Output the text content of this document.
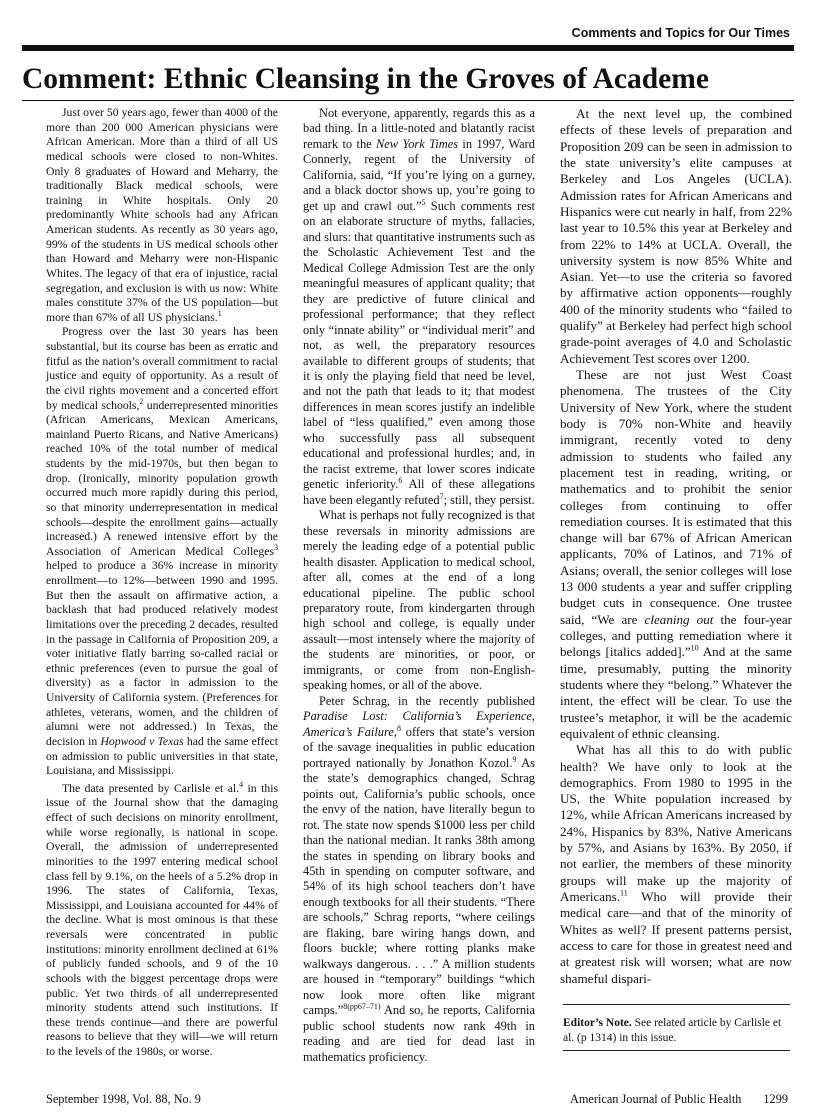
Comments and Topics for Our Times
Comment: Ethnic Cleansing in the Groves of Academe

Just over 50 years ago, fewer than 4000 of the more than 200 000 American physicians were African American. More than a third of all US medical schools were closed to non-Whites. Only 8 graduates of Howard and Meharry, the traditionally Black medical schools, were training in White hospitals. Only 20 predominantly White schools had any African American students. As recently as 30 years ago, 99% of the students in US medical schools other than Howard and Meharry were non-Hispanic Whites. The legacy of that era of injustice, racial segregation, and exclusion is with us now: White males constitute 37% of the US population—but more than 67% of all US physicians.$^1$

Progress over the last 30 years has been substantial, but its course has been as erratic and fitful as the nation’s overall commitment to racial justice and equity of opportunity. As a result of the civil rights movement and a concerted effort by medical schools,$^2$ underrepresented minorities (African Americans, Mexican Americans, mainland Puerto Ricans, and Native Americans) reached 10% of the total number of medical students by the mid-1970s, but then began to drop. (Ironically, minority population growth occurred much more rapidly during this period, so that minority underrepresentation in medical schools—despite the enrollment gains—actually increased.) A renewed intensive effort by the Association of American Medical Colleges$^3$ helped to produce a 36% increase in minority enrollment—to 12%—between 1990 and 1995. But then the assault on affirmative action, a backlash that had produced relatively modest limitations over the preceding 2 decades, resulted in the passage in California of Proposition 209, a voter initiative flatly barring so-called racial or ethnic preferences (even to pursue the goal of diversity) as a factor in admission to the University of California system. (Preferences for athletes, veterans, women, and the children of alumni were not addressed.) In Texas, the decision in Hopwood v Texas had the same effect on admission to public universities in that state, Louisiana, and Mississippi.

The data presented by Carlisle et al.$^4$ in this issue of the Journal show that the damaging effect of such decisions on minority enrollment, while worse regionally, is national in scope. Overall, the admission of underrepresented minorities to the 1997 entering medical school class fell by 9.1%, on the heels of a 5.2% drop in 1996. The states of California, Texas, Mississippi, and Louisiana accounted for 44% of the decline. What is most ominous is that these reversals were concentrated in public institutions: minority enrollment declined at 61% of publicly funded schools, and 9 of the 10 schools with the biggest percentage drops were public. Yet two thirds of all underrepresented minority students attend such institutions. If these trends continue—and there are powerful reasons to believe that they will—we will return to the levels of the 1980s, or worse.

Not everyone, apparently, regards this as a bad thing. In a little-noted and blatantly racist remark to the New York Times in 1997, Ward Connerly, regent of the University of California, said, “If you’re lying on a gurney, and a black doctor shows up, you’re going to get up and crawl out.”$^5$ Such comments rest on an elaborate structure of myths, fallacies, and slurs: that quantitative instruments such as the Scholastic Achievement Test and the Medical College Admission Test are the only meaningful measures of applicant quality; that they are predictive of future clinical and professional performance; that they reflect only “innate ability” or “individual merit” and not, as well, the preparatory resources available to different groups of students; that it is only the playing field that need be level, and not the path that leads to it; that modest differences in mean scores justify an indelible label of “less qualified,” even among those who successfully pass all subsequent educational and professional hurdles; and, in the racist extreme, that lower scores indicate genetic inferiority.$^6$ All of these allegations have been elegantly refuted$^7$; still, they persist.

What is perhaps not fully recognized is that these reversals in minority admissions are merely the leading edge of a potential public health disaster. Application to medical school, after all, comes at the end of a long educational pipeline. The public school preparatory route, from kindergarten through high school and college, is equally under assault—most intensely where the majority of the students are minorities, or poor, or immigrants, or come from non-English-speaking homes, or all of the above.

Peter Schrag, in the recently published Paradise Lost: California’s Experience, America’s Failure,$^8$ offers that state’s version of the savage inequalities in public education portrayed nationally by Jonathon Kozol.$^9$ As the state’s demographics changed, Schrag points out, California’s public schools, once the envy of the nation, have literally begun to rot. The state now spends $1000 less per child than the national median. It ranks 38th among the states in spending on library books and 45th in spending on computer software, and 54% of its high school teachers don’t have enough textbooks for all their students. “There are schools,” Schrag reports, “where ceilings are flaking, bare wiring hangs down, and floors buckle; where rotting planks make walkways dangerous. . . .” A million students are housed in “temporary” buildings “which now look more often like migrant camps.”$^{8(pp67-71)}$ And so, he reports, California public school students now rank 49th in reading and are tied for dead last in mathematics proficiency.

At the next level up, the combined effects of these levels of preparation and Proposition 209 can be seen in admission to the state university’s elite campuses at Berkeley and Los Angeles (UCLA). Admission rates for African Americans and Hispanics were cut nearly in half, from 22% last year to 10.5% this year at Berkeley and from 22% to 14% at UCLA. Overall, the university system is now 85% White and Asian. Yet—to use the criteria so favored by affirmative action opponents—roughly 400 of the minority students who “failed to qualify” at Berkeley had perfect high school grade-point averages of 4.0 and Scholastic Achievement Test scores over 1200.

These are not just West Coast phenomena. The trustees of the City University of New York, where the student body is 70% non-White and heavily immigrant, recently voted to deny admission to students who failed any placement test in reading, writing, or mathematics and to prohibit the senior colleges from continuing to offer remediation courses. It is estimated that this change will bar 67% of African American applicants, 70% of Latinos, and 71% of Asians; overall, the senior colleges will lose 13 000 students a year and suffer crippling budget cuts in consequence. One trustee said, “We are cleaning out the four-year colleges, and putting remediation where it belongs [italics added].”$^{10}$ And at the same time, presumably, putting the minority students where they “belong.” Whatever the intent, the effect will be clear. To use the trustee’s metaphor, it will be the academic equivalent of ethnic cleansing.

What has all this to do with public health? We have only to look at the demographics. From 1980 to 1995 in the US, the White population increased by 12%, while African Americans increased by 24%, Hispanics by 83%, Native Americans by 57%, and Asians by 163%. By 2050, if not earlier, the members of these minority groups will make up the majority of Americans.$^{11}$ Who will provide their medical care—and that of the minority of Whites as well? If present patterns persist, access to care for those in greatest need and at greatest risk will worsen; what are now shameful dispari-

Editor’s Note. See related article by Carlisle et al. (p 1314) in this issue.
September 1998, Vol. 88, No. 9	American Journal of Public Health 1299
